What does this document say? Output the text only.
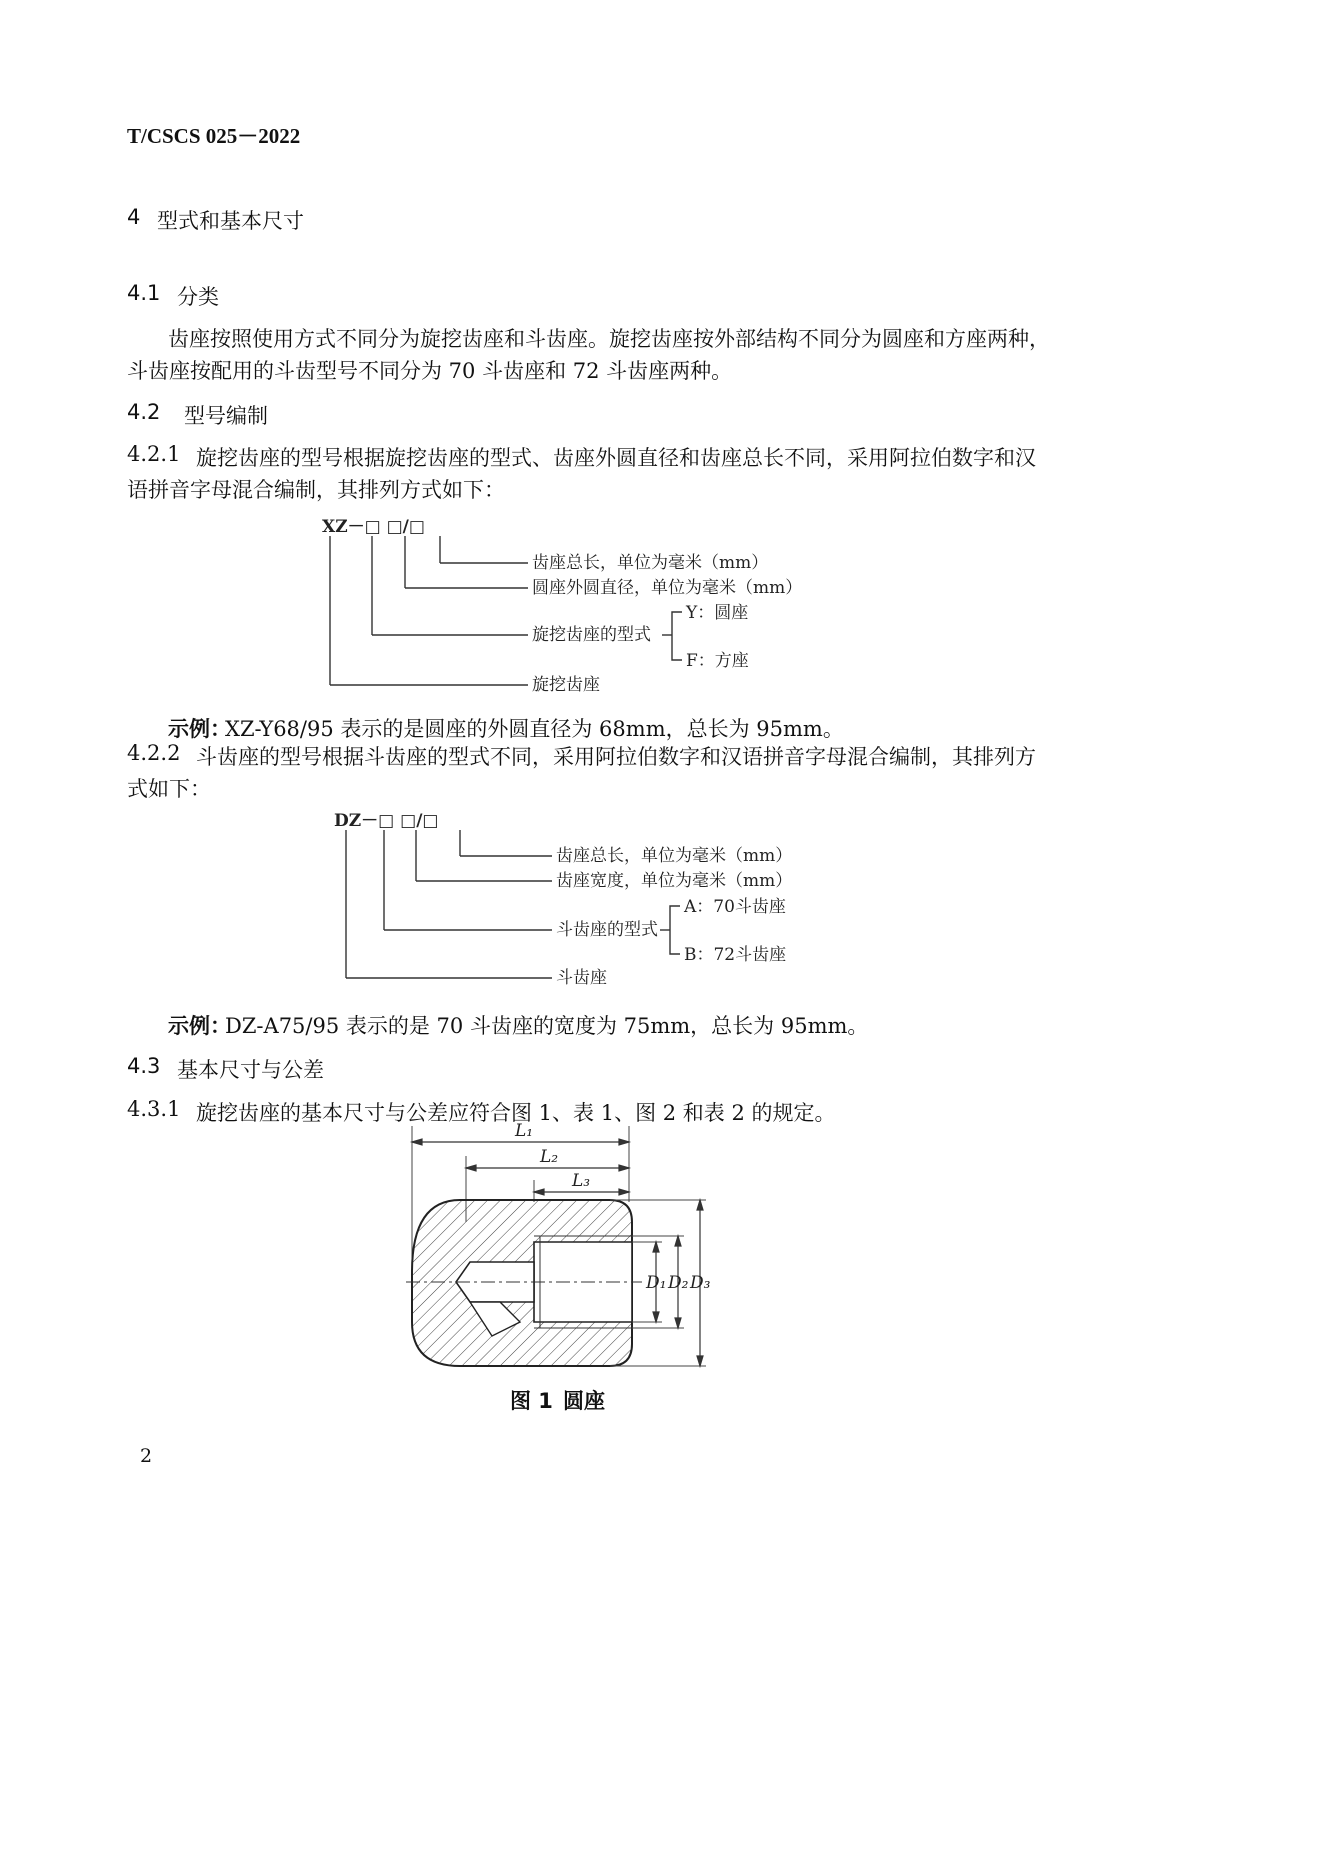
T/CSCS 025－2022
4 型式和基本尺寸
4.1 分类
齿座按照使用方式不同分为旋挖齿座和斗齿座。旋挖齿座按外部结构不同分为圆座和方座两种，
斗齿座按配用的斗齿型号不同分为 70 斗齿座和 72 斗齿座两种。
4.2 型号编制
4.2.1 旋挖齿座的型号根据旋挖齿座的型式、齿座外圆直径和齿座总长不同，采用阿拉伯数字和汉
语拼音字母混合编制，其排列方式如下：
XZ－□ □/□
齿座总长，单位为毫米（mm）
圆座外圆直径，单位为毫米（mm）
旋挖齿座的型式
Y：圆座
F：方座
旋挖齿座
示例：
XZ-Y68/95 表示的是圆座的外圆直径为 68mm，总长为 95mm。
4.2.2 斗齿座的型号根据斗齿座的型式不同，采用阿拉伯数字和汉语拼音字母混合编制，其排列方
式如下：
DZ－□ □/□
齿座总长，单位为毫米（mm）
齿座宽度，单位为毫米（mm）
斗齿座的型式
A：70斗齿座
B：72斗齿座
斗齿座
示例：
DZ-A75/95 表示的是 70 斗齿座的宽度为 75mm，总长为 95mm。
4.3 基本尺寸与公差
4.3.1 旋挖齿座的基本尺寸与公差应符合图 1、表 1、图 2 和表 2 的规定。
L₁
L₂
L₃
D₁ D₂ D₃
图 1 圆座
2
